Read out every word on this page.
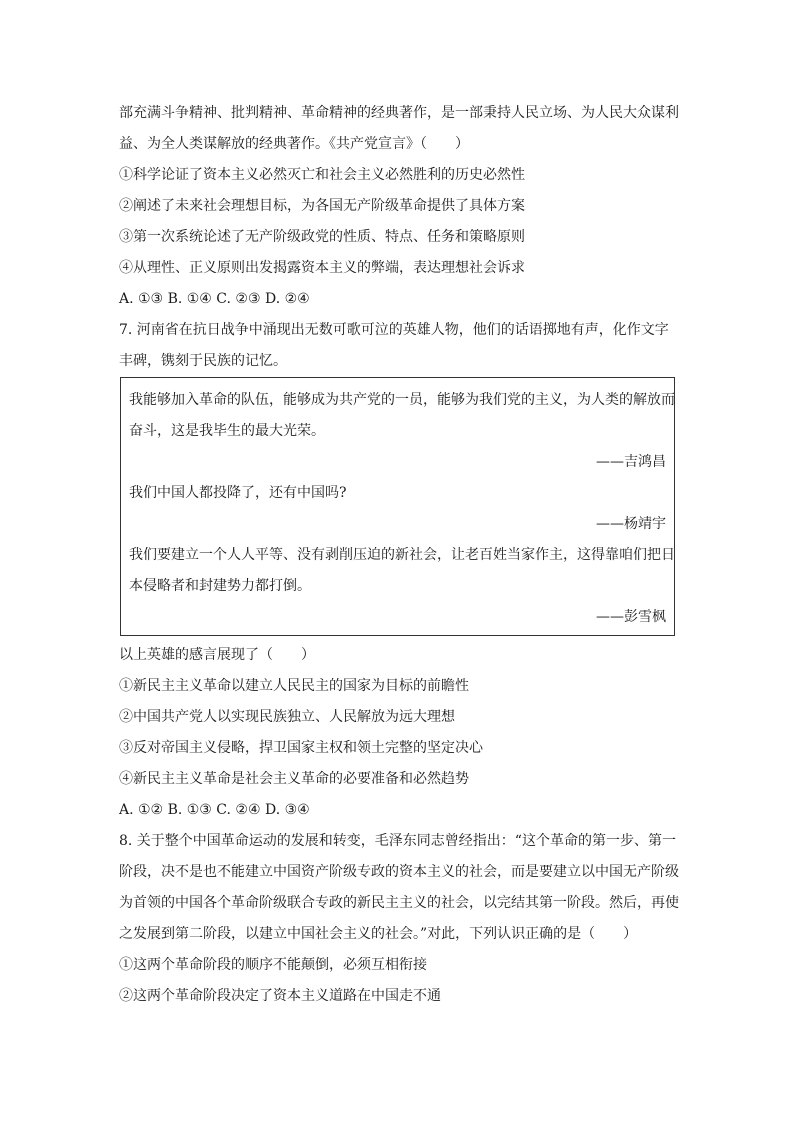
部充满斗争精神、批判精神、革命精神的经典著作，是一部秉持人民立场、为人民大众谋利
益、为全人类谋解放的经典著作。《共产党宣言》（　　）
①科学论证了资本主义必然灭亡和社会主义必然胜利的历史必然性
②阐述了未来社会理想目标，为各国无产阶级革命提供了具体方案
③第一次系统论述了无产阶级政党的性质、特点、任务和策略原则
④从理性、正义原则出发揭露资本主义的弊端，表达理想社会诉求
A. ①③ B. ①④ C. ②③ D. ②④
7. 河南省在抗日战争中涌现出无数可歌可泣的英雄人物，他们的话语掷地有声，化作文字
丰碑，镌刻于民族的记忆。
我能够加入革命的队伍，能够成为共产党的一员，能够为我们党的主义，为人类的解放而
奋斗，这是我毕生的最大光荣。
——吉鸿昌
我们中国人都投降了，还有中国吗?
——杨靖宇
我们要建立一个人人平等、没有剥削压迫的新社会，让老百姓当家作主，这得靠咱们把日
本侵略者和封建势力都打倒。
——彭雪枫
以上英雄的感言展现了（　　）
①新民主主义革命以建立人民民主的国家为目标的前瞻性
②中国共产党人以实现民族独立、人民解放为远大理想
③反对帝国主义侵略，捍卫国家主权和领土完整的坚定决心
④新民主主义革命是社会主义革命的必要准备和必然趋势
A. ①② B. ①③ C. ②④ D. ③④
8. 关于整个中国革命运动的发展和转变，毛泽东同志曾经指出：“这个革命的第一步、第一
阶段，决不是也不能建立中国资产阶级专政的资本主义的社会，而是要建立以中国无产阶级
为首领的中国各个革命阶级联合专政的新民主主义的社会，以完结其第一阶段。然后，再使
之发展到第二阶段，以建立中国社会主义的社会。”对此，下列认识正确的是（　　）
①这两个革命阶段的顺序不能颠倒，必须互相衔接
②这两个革命阶段决定了资本主义道路在中国走不通
